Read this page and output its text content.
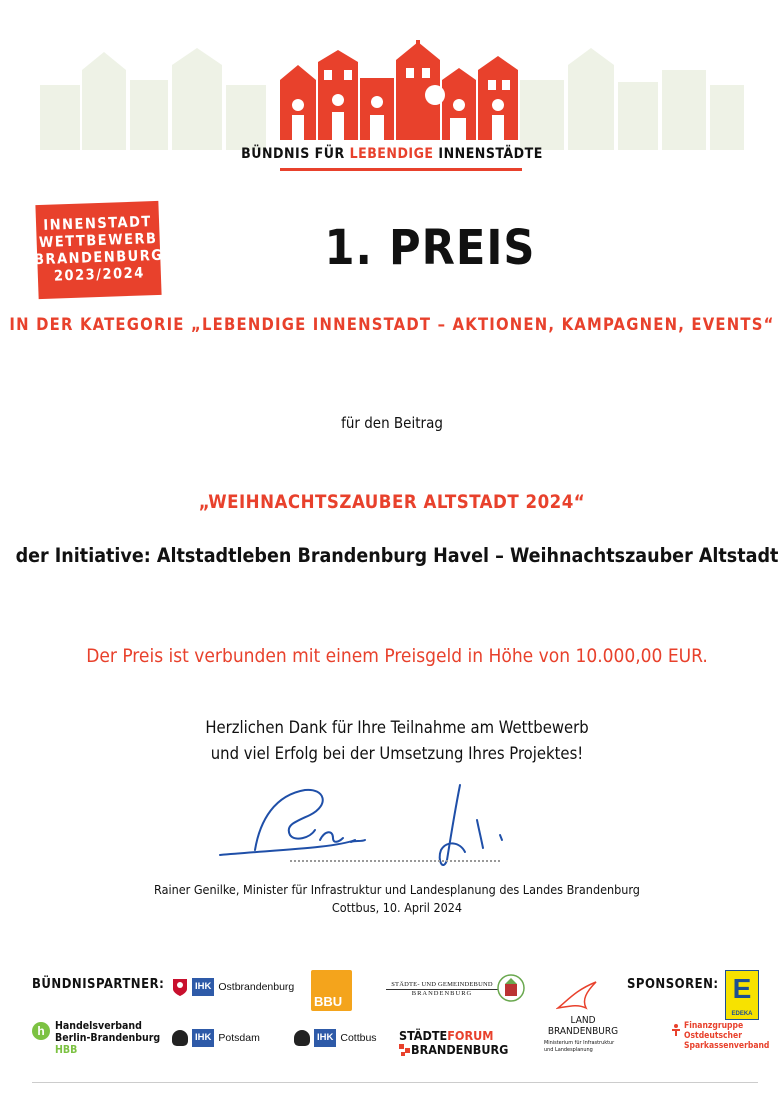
BÜNDNIS FÜR LEBENDIGE INNENSTÄDTE
INNENSTADT
WETTBEWERB
BRANDENBURG
2023/2024	1. PREIS
IN DER KATEGORIE „LEBENDIGE INNENSTADT – AKTIONEN, KAMPAGNEN, EVENTS“
für den Beitrag
„WEIHNACHTSZAUBER ALTSTADT 2024“
der Initiative: Altstadtleben Brandenburg Havel – Weihnachtszauber Altstadt
Der Preis ist verbunden mit einem Preisgeld in Höhe von 10.000,00 EUR.
Herzlichen Dank für Ihre Teilnahme am Wettbewerb
und viel Erfolg bei der Umsetzung Ihres Projektes!
Rainer Genilke, Minister für Infrastruktur und Landesplanung des Landes Brandenburg
Cottbus, 10. April 2024
BÜNDNISPARTNER:	SPONSOREN:
IHK Ostbrandenburg
BBU
STÄDTE- UND GEMEINDEBUND
BRANDENBURG
LAND
BRANDENBURG
Ministerium für Infrastruktur
und Landesplanung
E
EDEKA
h Handelsverband
Berlin-Brandenburg
HBB
IHK Potsdam	IHK Cottbus STÄDTEFORUM
BRANDENBURG
Finanzgruppe
Ostdeutscher
Sparkassenverband
